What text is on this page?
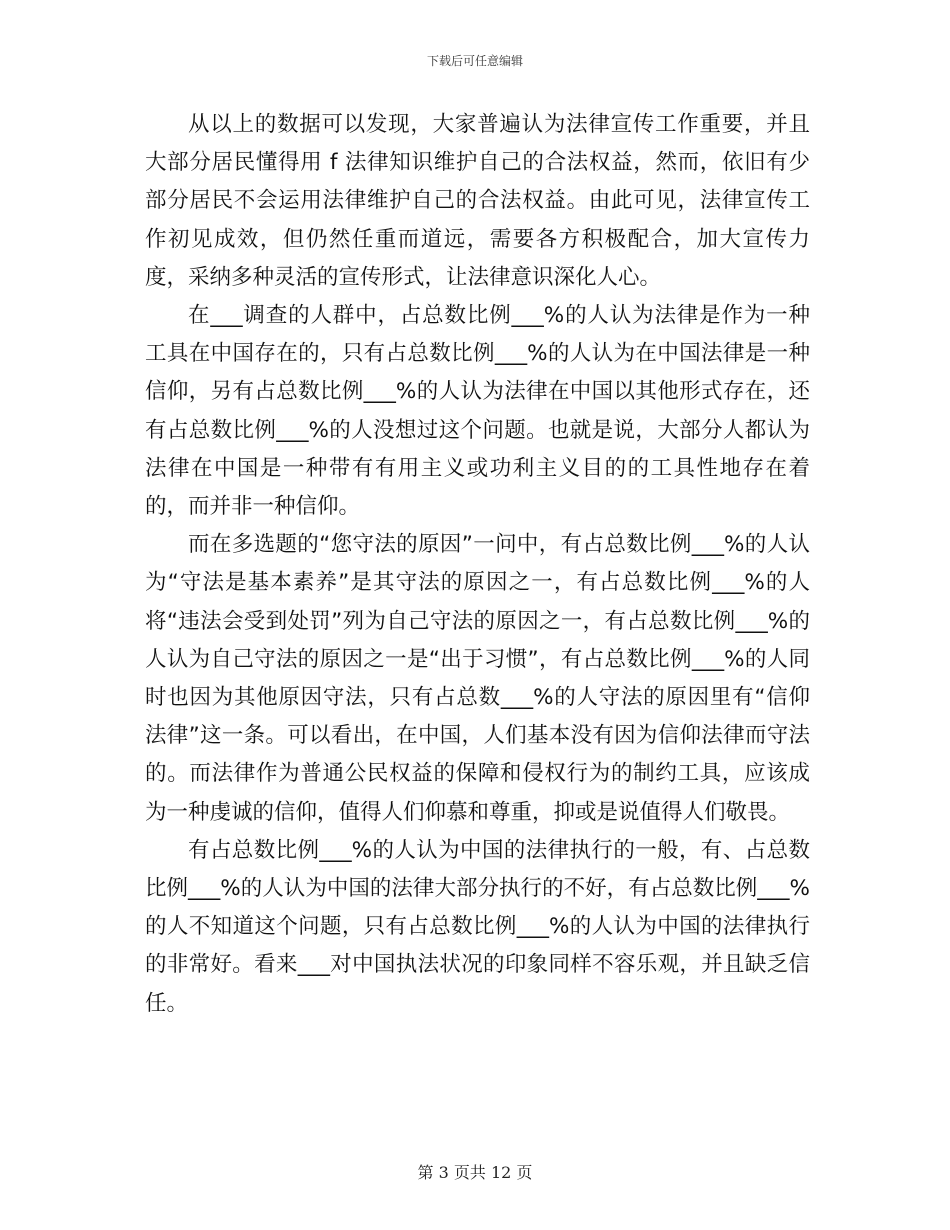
下载后可任意编辑

从以上的数据可以发现，大家普遍认为法律宣传工作重要，并且大部分居民懂得用 f 法律知识维护自己的合法权益，然而，依旧有少部分居民不会运用法律维护自己的合法权益。由此可见，法律宣传工作初见成效，但仍然任重而道远，需要各方积极配合，加大宣传力度，采纳多种灵活的宣传形式，让法律意识深化人心。

在___调查的人群中，占总数比例___%的人认为法律是作为一种工具在中国存在的，只有占总数比例___%的人认为在中国法律是一种信仰，另有占总数比例___%的人认为法律在中国以其他形式存在，还有占总数比例___%的人没想过这个问题。也就是说，大部分人都认为法律在中国是一种带有有用主义或功利主义目的的工具性地存在着的，而并非一种信仰。

而在多选题的“您守法的原因”一问中，有占总数比例___%的人认为“守法是基本素养”是其守法的原因之一，有占总数比例___%的人将“违法会受到处罚”列为自己守法的原因之一，有占总数比例___%的人认为自己守法的原因之一是“出于习惯”，有占总数比例___%的人同时也因为其他原因守法，只有占总数___%的人守法的原因里有“信仰法律”这一条。可以看出，在中国，人们基本没有因为信仰法律而守法的。而法律作为普通公民权益的保障和侵权行为的制约工具，应该成为一种虔诚的信仰，值得人们仰慕和尊重，抑或是说值得人们敬畏。

有占总数比例___%的人认为中国的法律执行的一般，有、占总数比例___%的人认为中国的法律大部分执行的不好，有占总数比例___%的人不知道这个问题，只有占总数比例___%的人认为中国的法律执行的非常好。看来___对中国执法状况的印象同样不容乐观，并且缺乏信任。

第 3 页共 12 页
